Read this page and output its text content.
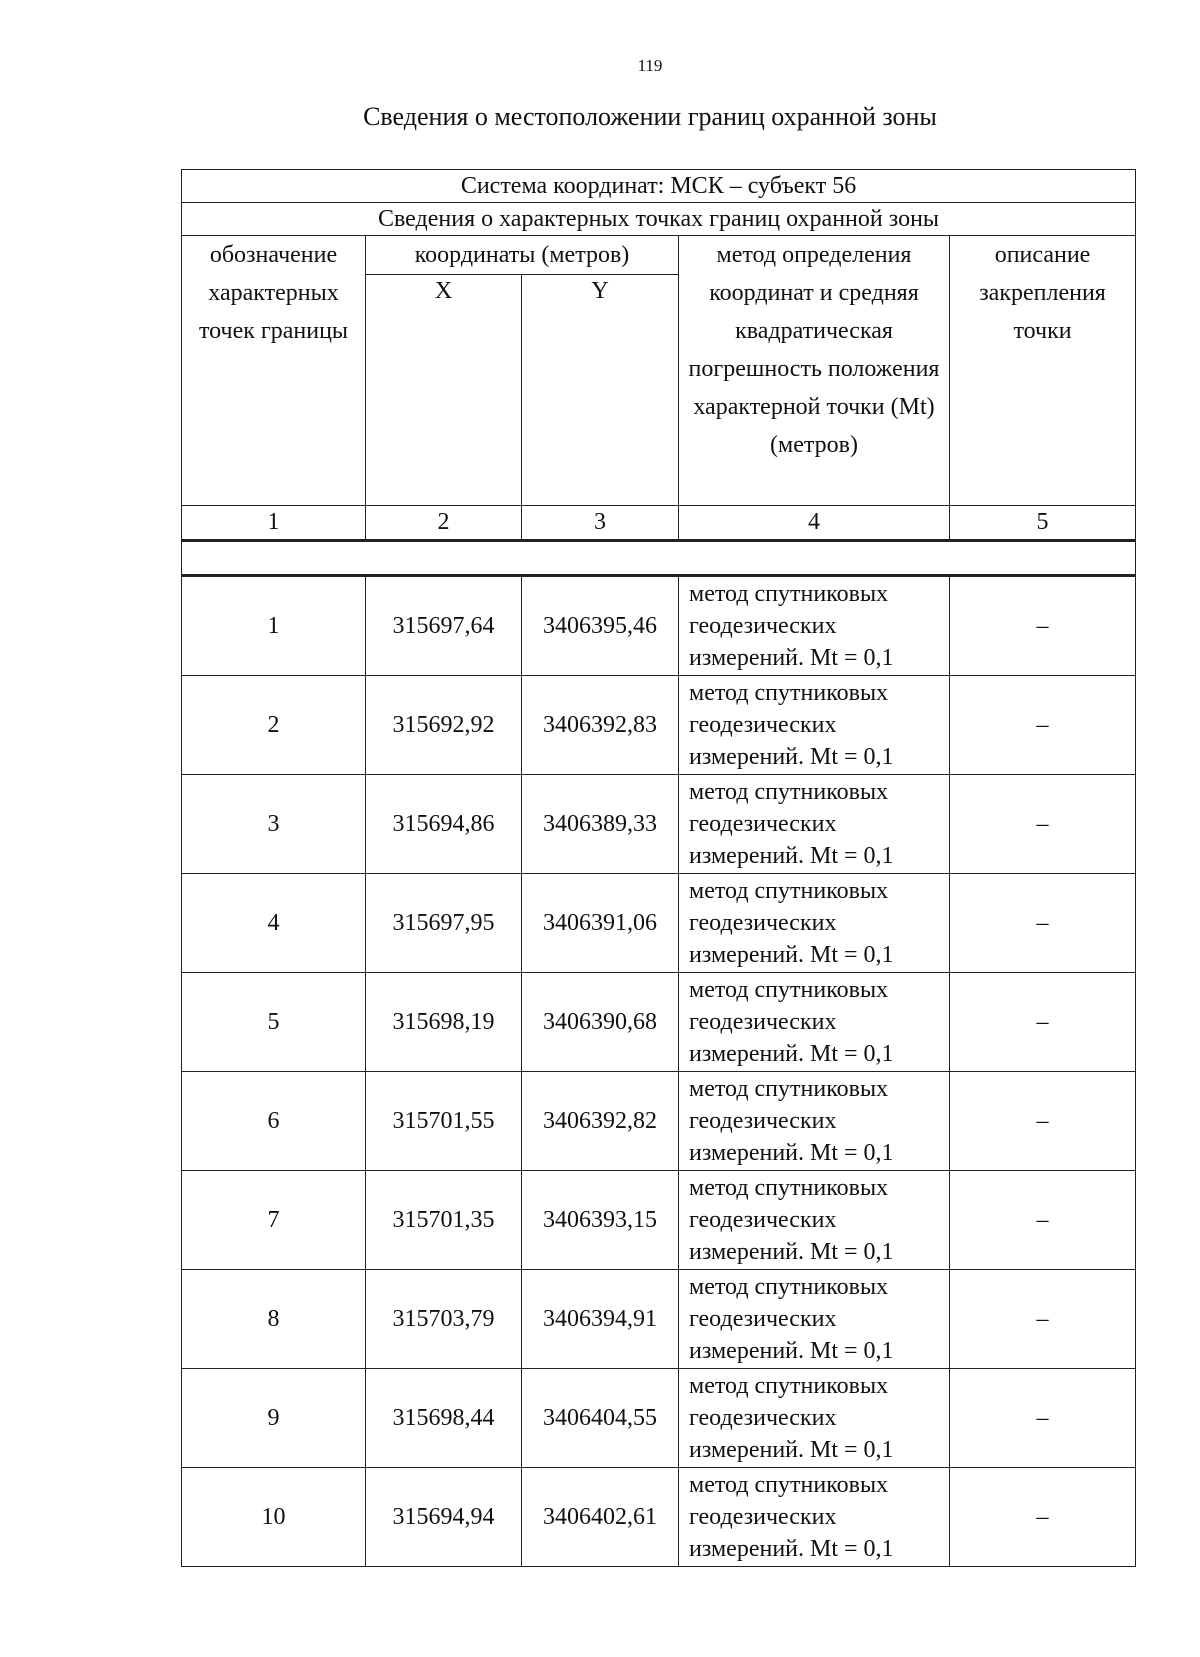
119
Сведения о местоположении границ охранной зоны
Система координат: МСК – субъект 56				
Сведения о характерных точках границ охранной зоны				
обозначение характерных точек границы	координаты (метров)		метод определения координат и средняя квадратическая погрешность положения характерной точки (Mt) (метров)	описание закрепления точки
	X	Y		
1	2	3	4	5

1	315697,64	3406395,46	метод спутниковых геодезических измерений. Mt = 0,1	–
2	315692,92	3406392,83	метод спутниковых геодезических измерений. Mt = 0,1	–
3	315694,86	3406389,33	метод спутниковых геодезических измерений. Mt = 0,1	–
4	315697,95	3406391,06	метод спутниковых геодезических измерений. Mt = 0,1	–
5	315698,19	3406390,68	метод спутниковых геодезических измерений. Mt = 0,1	–
6	315701,55	3406392,82	метод спутниковых геодезических измерений. Mt = 0,1	–
7	315701,35	3406393,15	метод спутниковых геодезических измерений. Mt = 0,1	–
8	315703,79	3406394,91	метод спутниковых геодезических измерений. Mt = 0,1	–
9	315698,44	3406404,55	метод спутниковых геодезических измерений. Mt = 0,1	–
10	315694,94	3406402,61	метод спутниковых геодезических измерений. Mt = 0,1	–
